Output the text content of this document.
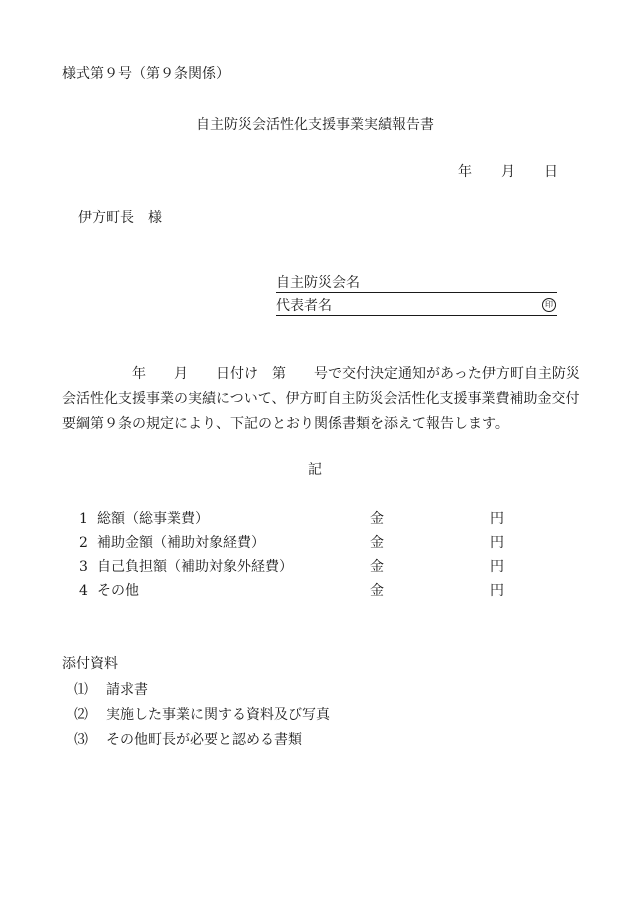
様式第９号（第９条関係）
自主防災会活性化支援事業実績報告書
年 月 日
伊方町長　様
自主防災会名
代表者名	印
　　　　　年　　月　　日付け　第　　号で交付決定通知があった伊方町自主防災会活性化支援事業の実績について、伊方町自主防災会活性化支援事業費補助金交付要綱第９条の規定により、下記のとおり関係書類を添えて報告します。
記
1 総額（総事業費）	金	円
2 補助金額（補助対象経費）	金	円
3 自己負担額（補助対象外経費）	金	円
4 その他	金	円
添付資料
⑴ 請求書
⑵ 実施した事業に関する資料及び写真
⑶ その他町長が必要と認める書類
